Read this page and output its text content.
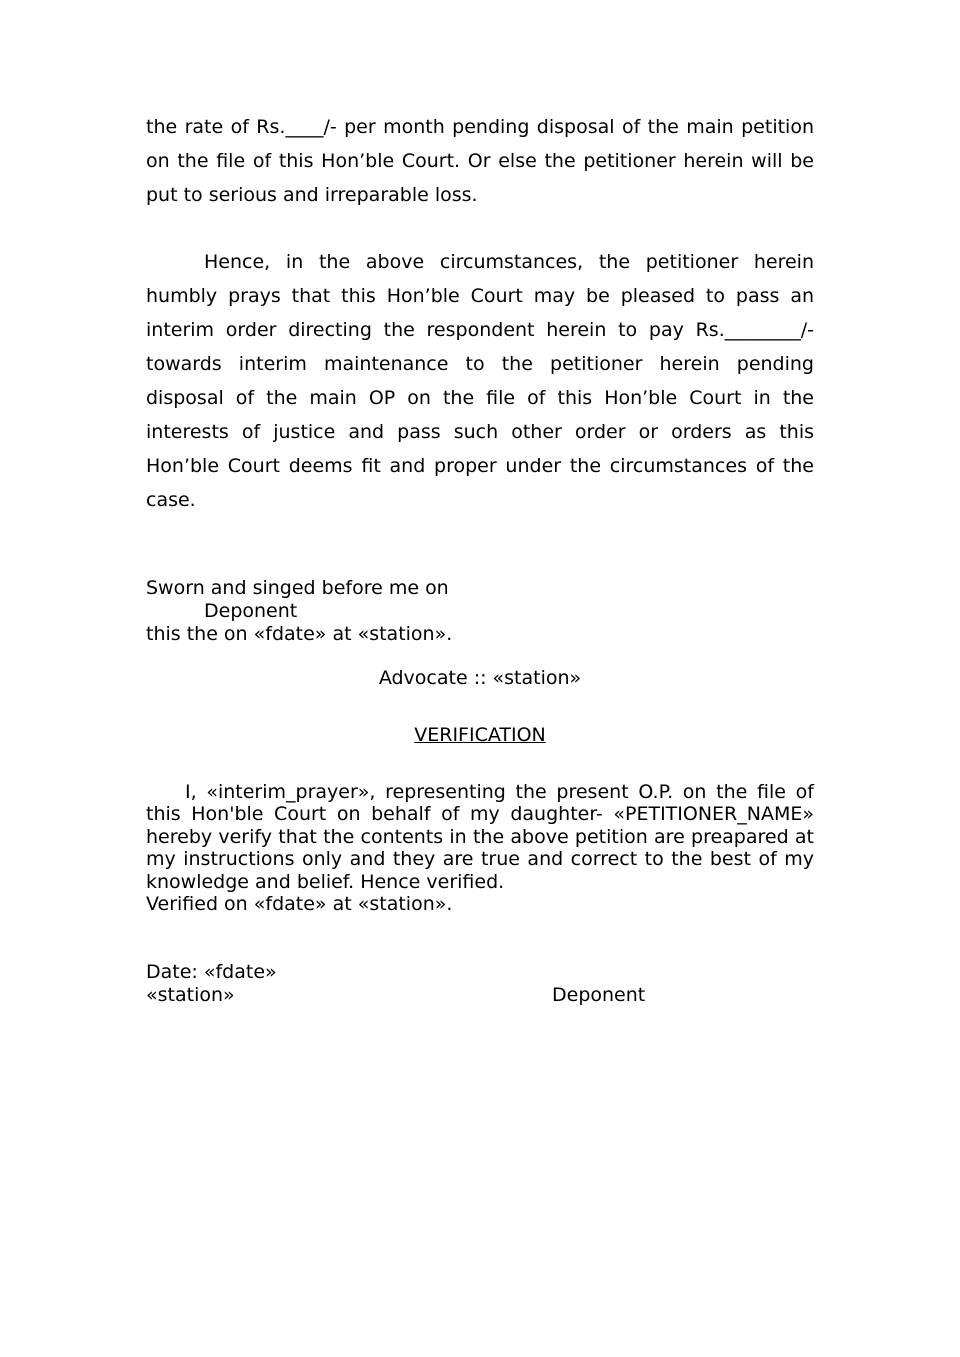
the rate of Rs.____/- per month pending disposal of the main petition on the file of this Hon’ble Court. Or else the petitioner herein will be put to serious and irreparable loss.

Hence, in the above circumstances, the petitioner herein humbly prays that this Hon’ble Court may be pleased to pass an interim order directing the respondent herein to pay Rs.________/- towards interim maintenance to the petitioner herein pending disposal of the main OP on the file of this Hon’ble Court in the interests of justice and pass such other order or orders as this Hon’ble Court deems fit and proper under the circumstances of the case.

Sworn and singed before me on
Deponent
this the on «fdate» at «station».

Advocate :: «station»

VERIFICATION

I, «interim_prayer», representing the present O.P. on the file of this Hon'ble Court on behalf of my daughter- «PETITIONER_NAME» hereby verify that the contents in the above petition are preapared at my instructions only and they are true and correct to the best of my knowledge and belief. Hence verified.

Verified on «fdate» at «station».

Date: «fdate»

«station»	Deponent
